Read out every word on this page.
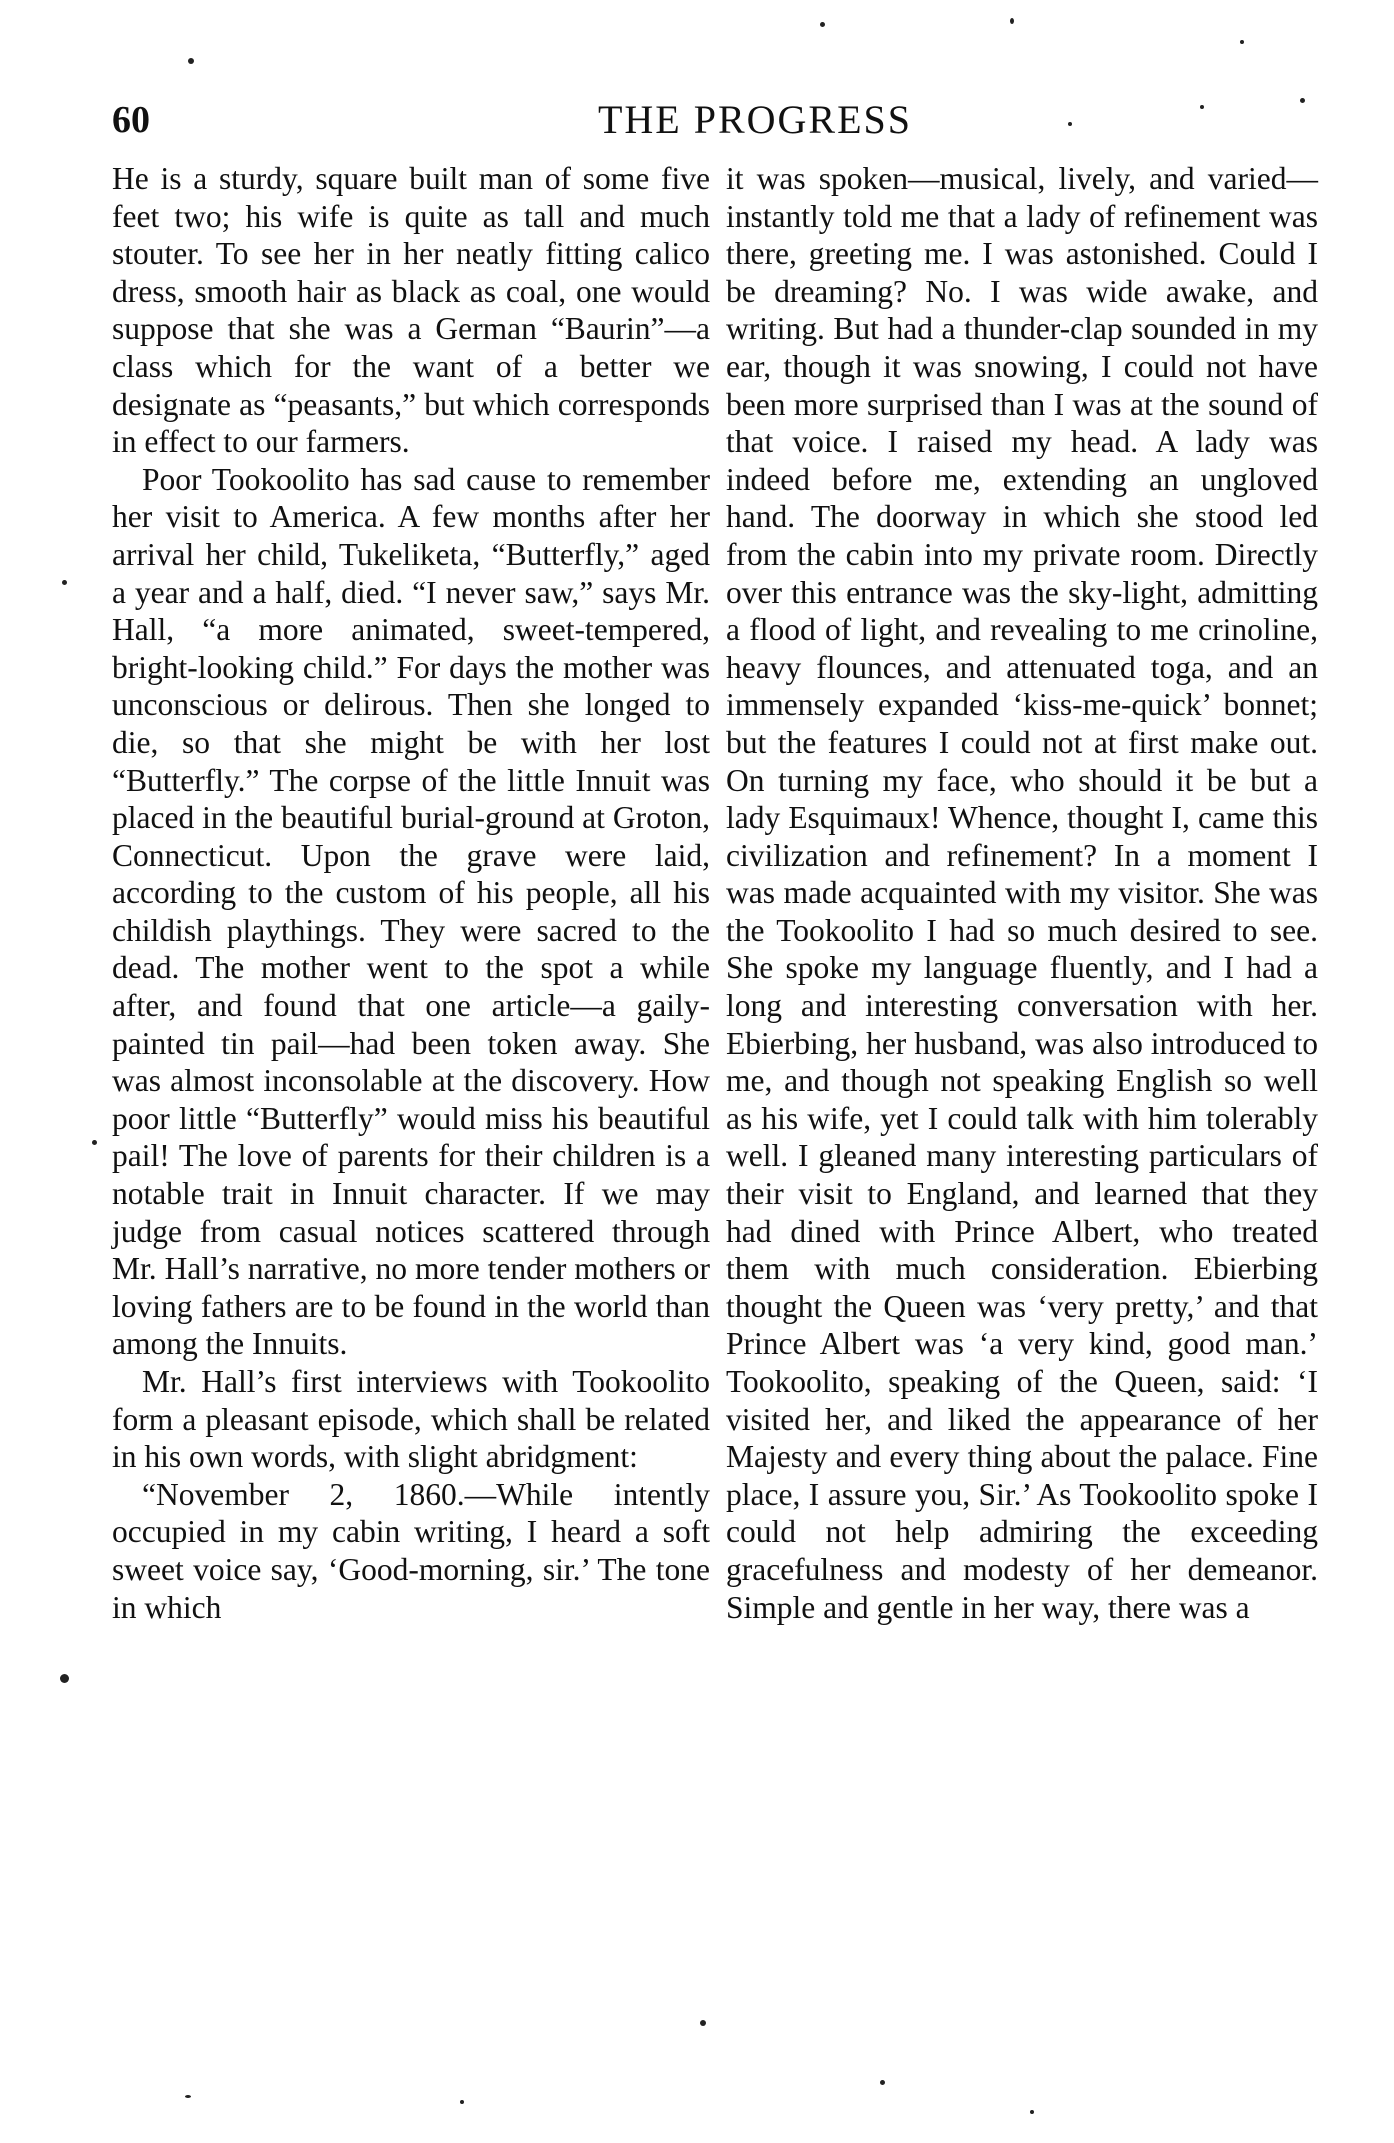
60	THE PROGRESS

He is a sturdy, square built man of some five feet two; his wife is quite as tall and much stouter. To see her in her neatly fitting calico dress, smooth hair as black as coal, one would suppose that she was a German “Baurin”—a class which for the want of a better we designate as “peasants,” but which corresponds in effect to our farmers.

Poor Tookoolito has sad cause to remember her visit to America. A few months after her arrival her child, Tukeliketa, “Butterfly,” aged a year and a half, died. “I never saw,” says Mr. Hall, “a more animated, sweet-tempered, bright-looking child.” For days the mother was unconscious or delirous. Then she longed to die, so that she might be with her lost “Butterfly.” The corpse of the little Innuit was placed in the beautiful burial-ground at Groton, Connecticut. Upon the grave were laid, according to the custom of his people, all his childish playthings. They were sacred to the dead. The mother went to the spot a while after, and found that one article—a gaily-painted tin pail—had been token away. She was almost inconsolable at the discovery. How poor little “Butterfly” would miss his beautiful pail! The love of parents for their children is a notable trait in Innuit character. If we may judge from casual notices scattered through Mr. Hall’s narrative, no more tender mothers or loving fathers are to be found in the world than among the Innuits.

Mr. Hall’s first interviews with Tookoolito form a pleasant episode, which shall be related in his own words, with slight abridgment:

“November 2, 1860.—While intently occupied in my cabin writing, I heard a soft sweet voice say, ‘Good-morning, sir.’ The tone in which

it was spoken—musical, lively, and varied—instantly told me that a lady of refinement was there, greeting me. I was astonished. Could I be dreaming? No. I was wide awake, and writing. But had a thunder-clap sounded in my ear, though it was snowing, I could not have been more surprised than I was at the sound of that voice. I raised my head. A lady was indeed before me, extending an ungloved hand. The doorway in which she stood led from the cabin into my private room. Directly over this entrance was the sky-light, admitting a flood of light, and revealing to me crinoline, heavy flounces, and attenuated toga, and an immensely expanded ‘kiss-me-quick’ bonnet; but the features I could not at first make out. On turning my face, who should it be but a lady Esquimaux! Whence, thought I, came this civilization and refinement? In a moment I was made acquainted with my visitor. She was the Tookoolito I had so much desired to see. She spoke my language fluently, and I had a long and interesting conversation with her. Ebierbing, her husband, was also introduced to me, and though not speaking English so well as his wife, yet I could talk with him tolerably well. I gleaned many interesting particulars of their visit to England, and learned that they had dined with Prince Albert, who treated them with much consideration. Ebierbing thought the Queen was ‘very pretty,’ and that Prince Albert was ‘a very kind, good man.’ Tookoolito, speaking of the Queen, said: ‘I visited her, and liked the appearance of her Majesty and every thing about the palace. Fine place, I assure you, Sir.’ As Tookoolito spoke I could not help admiring the exceeding gracefulness and modesty of her demeanor. Simple and gentle in her way, there was a
